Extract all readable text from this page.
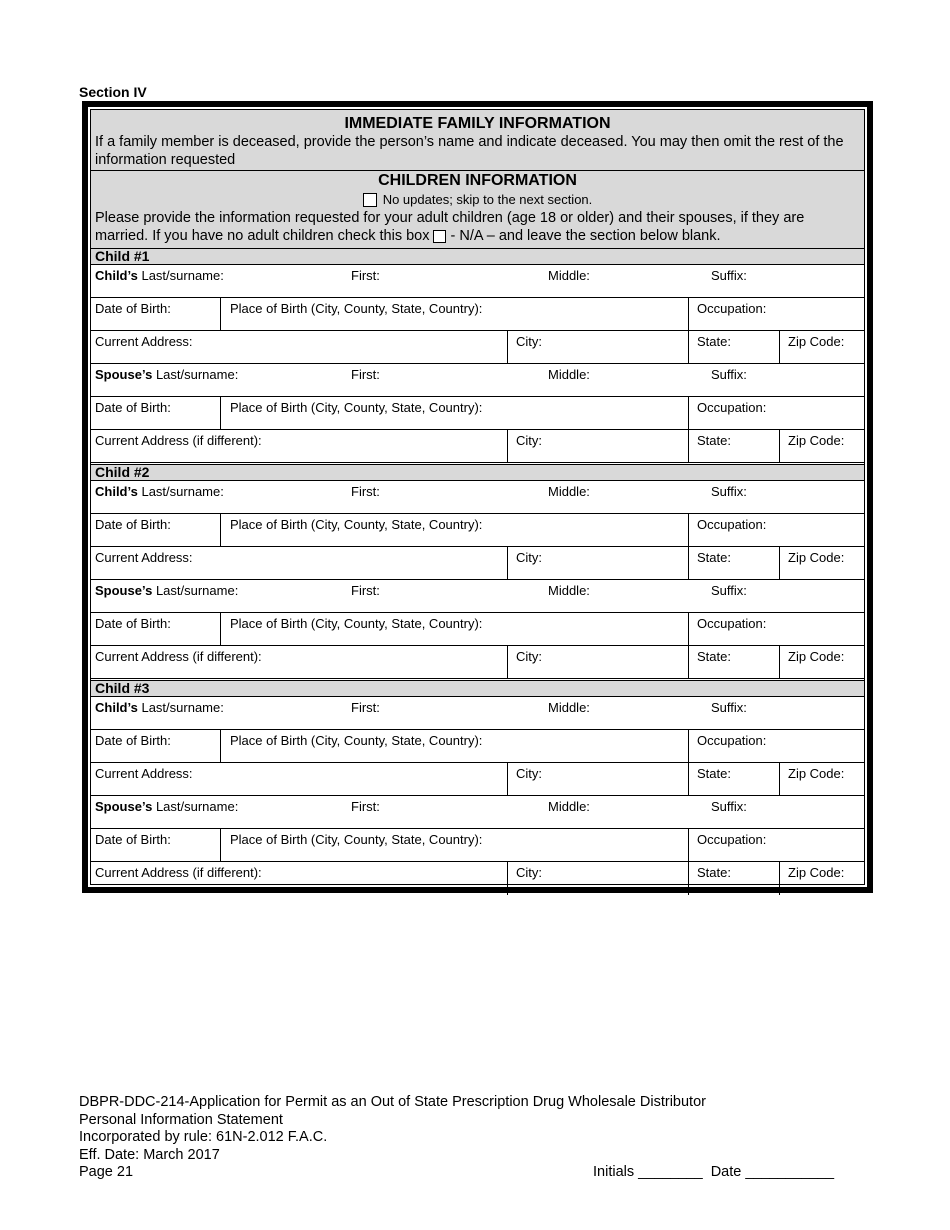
Section IV
IMMEDIATE FAMILY INFORMATION
If a family member is deceased, provide the person’s name and indicate deceased. You may then omit the rest of the information requested
CHILDREN INFORMATION
No updates; skip to the next section.
Please provide the information requested for your adult children (age 18 or older) and their spouses, if they are married. If you have no adult children check this box - N/A – and leave the section below blank.
Child #1
Child’s Last/surname:	First:	Middle:	Suffix:
Date of Birth:	Place of Birth (City, County, State, Country):	Occupation:
Current Address:	City:	State:	Zip Code:
Spouse’s Last/surname:	First:	Middle:	Suffix:
Date of Birth:	Place of Birth (City, County, State, Country):	Occupation:
Current Address (if different):	City:	State:	Zip Code:
Child #2
Child’s Last/surname:	First:	Middle:	Suffix:
Date of Birth:	Place of Birth (City, County, State, Country):	Occupation:
Current Address:	City:	State:	Zip Code:
Spouse’s Last/surname:	First:	Middle:	Suffix:
Date of Birth:	Place of Birth (City, County, State, Country):	Occupation:
Current Address (if different):	City:	State:	Zip Code:
Child #3
Child’s Last/surname:	First:	Middle:	Suffix:
Date of Birth:	Place of Birth (City, County, State, Country):	Occupation:
Current Address:	City:	State:	Zip Code:
Spouse’s Last/surname:	First:	Middle:	Suffix:
Date of Birth:	Place of Birth (City, County, State, Country):	Occupation:
Current Address (if different):	City:	State:	Zip Code:
DBPR-DDC-214-Application for Permit as an Out of State Prescription Drug Wholesale Distributor
Personal Information Statement
Incorporated by rule: 61N-2.012 F.A.C.
Eff. Date: March 2017
Page 21	Initials ________  Date ___________
